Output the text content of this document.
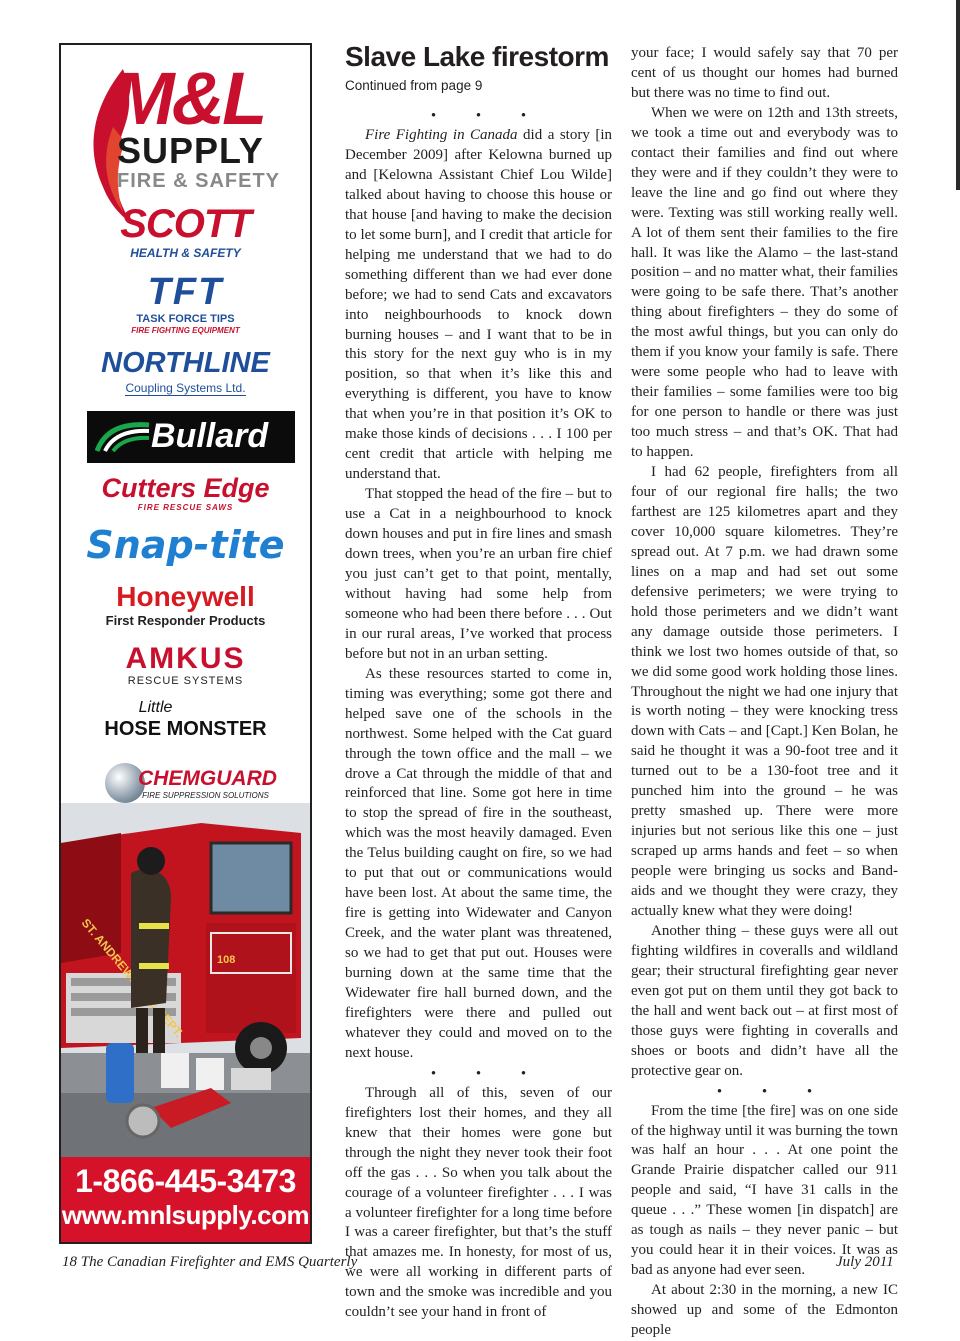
M&L
SUPPLY
FIRE & SAFETY
SCOTT
HEALTH & SAFETY
TFT
TASK FORCE TIPS
FIRE FIGHTING EQUIPMENT
NORTHLINE
Coupling Systems Ltd.
Bullard
Cutters Edge
FIRE RESCUE SAWS
Snap-tite
Honeywell
First Responder Products
AMKUS
RESCUE SYSTEMS
Little
HOSE MONSTER
CHEMGUARD
FIRE SUPPRESSION SOLUTIONS
ST. ANDREWS DEPT.
108
1-866-445-3473
www.mnlsupply.com
Slave Lake firestorm
Continued from page 9
• • •

Fire Fighting in Canada did a story [in December 2009] after Kelowna burned up and [Kelowna Assistant Chief Lou Wilde] talked about having to choose this house or that house [and having to make the decision to let some burn], and I credit that article for helping me understand that we had to do something different than we had ever done before; we had to send Cats and excavators into neighbourhoods to knock down burning houses – and I want that to be in this story for the next guy who is in my position, so that when it’s like this and everything is different, you have to know that when you’re in that position it’s OK to make those kinds of decisions . . . I 100 per cent credit that article with helping me understand that.

That stopped the head of the fire – but to use a Cat in a neighbourhood to knock down houses and put in fire lines and smash down trees, when you’re an urban fire chief you just can’t get to that point, mentally, without having had some help from someone who had been there before . . . Out in our rural areas, I’ve worked that process before but not in an urban setting.

As these resources started to come in, timing was everything; some got there and helped save one of the schools in the northwest. Some helped with the Cat guard through the town office and the mall – we drove a Cat through the middle of that and reinforced that line. Some got here in time to stop the spread of fire in the southeast, which was the most heavily damaged. Even the Telus building caught on fire, so we had to put that out or communications would have been lost. At about the same time, the fire is getting into Widewater and Canyon Creek, and the water plant was threatened, so we had to get that put out. Houses were burning down at the same time that the Widewater fire hall burned down, and the firefighters were there and pulled out whatever they could and moved on to the next house.

• • •

Through all of this, seven of our firefighters lost their homes, and they all knew that their homes were gone but through the night they never took their foot off the gas . . . So when you talk about the courage of a volunteer firefighter . . . I was a volunteer firefighter for a long time before I was a career firefighter, but that’s the stuff that amazes me. In honesty, for most of us, we were all working in different parts of town and the smoke was incredible and you couldn’t see your hand in front of

your face; I would safely say that 70 per cent of us thought our homes had burned but there was no time to find out.

When we were on 12th and 13th streets, we took a time out and everybody was to contact their families and find out where they were and if they couldn’t they were to leave the line and go find out where they were. Texting was still working really well. A lot of them sent their families to the fire hall. It was like the Alamo – the last-stand position – and no matter what, their families were going to be safe there. That’s another thing about firefighters – they do some of the most awful things, but you can only do them if you know your family is safe. There were some people who had to leave with their families – some families were too big for one person to handle or there was just too much stress – and that’s OK. That had to happen.

I had 62 people, firefighters from all four of our regional fire halls; the two farthest are 125 kilometres apart and they cover 10,000 square kilometres. They’re spread out. At 7 p.m. we had drawn some lines on a map and had set out some defensive perimeters; we were trying to hold those perimeters and we didn’t want any damage outside those perimeters. I think we lost two homes outside of that, so we did some good work holding those lines. Throughout the night we had one injury that is worth noting – they were knocking tress down with Cats – and [Capt.] Ken Bolan, he said he thought it was a 90-foot tree and it turned out to be a 130-foot tree and it punched him into the ground – he was pretty smashed up. There were more injuries but not serious like this one – just scraped up arms hands and feet – so when people were bringing us socks and Band-aids and we thought they were crazy, they actually knew what they were doing!

Another thing – these guys were all out fighting wildfires in coveralls and wildland gear; their structural firefighting gear never even got put on them until they got back to the hall and went back out – at first most of those guys were fighting in coveralls and shoes or boots and didn’t have all the protective gear on.

• • •

From the time [the fire] was on one side of the highway until it was burning the town was half an hour . . . At one point the Grande Prairie dispatcher called our 911 people and said, “I have 31 calls in the queue . . .” These women [in dispatch] are as tough as nails – they never panic – but you could hear it in their voices. It was as bad as anyone had ever seen.

At about 2:30 in the morning, a new IC showed up and some of the Edmonton people

18 The Canadian Firefighter and EMS Quarterly	July 2011
